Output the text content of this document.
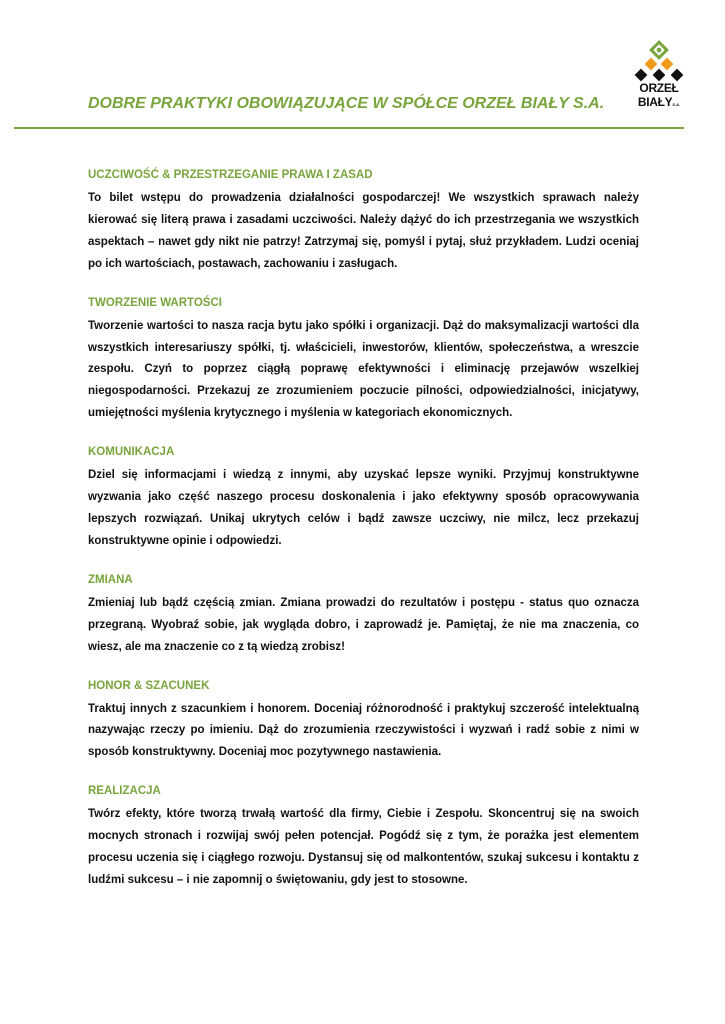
DOBRE PRAKTYKI OBOWIĄZUJĄCE W SPÓŁCE ORZEŁ BIAŁY S.A.
ORZEŁ
BIAŁYS.A.
UCZCIWOŚĆ & PRZESTRZEGANIE PRAWA I ZASAD

To bilet wstępu do prowadzenia działalności gospodarczej! We wszystkich sprawach należy kierować się literą prawa i zasadami uczciwości. Należy dążyć do ich przestrzegania we wszystkich aspektach – nawet gdy nikt nie patrzy! Zatrzymaj się, pomyśl i pytaj, służ przykładem. Ludzi oceniaj po ich wartościach, postawach, zachowaniu i zasługach.

TWORZENIE WARTOŚCI

Tworzenie wartości to nasza racja bytu jako spółki i organizacji. Dąż do maksymalizacji wartości dla wszystkich interesariuszy spółki, tj. właścicieli, inwestorów, klientów, społeczeństwa, a wreszcie zespołu. Czyń to poprzez ciągłą poprawę efektywności i eliminację przejawów wszelkiej niegospodarności. Przekazuj ze zrozumieniem poczucie pilności, odpowiedzialności, inicjatywy, umiejętności myślenia krytycznego i myślenia w kategoriach ekonomicznych.

KOMUNIKACJA

Dziel się informacjami i wiedzą z innymi, aby uzyskać lepsze wyniki. Przyjmuj konstruktywne wyzwania jako część naszego procesu doskonalenia i jako efektywny sposób opracowywania lepszych rozwiązań. Unikaj ukrytych celów i bądź zawsze uczciwy, nie milcz, lecz przekazuj konstruktywne opinie i odpowiedzi.

ZMIANA

Zmieniaj lub bądź częścią zmian. Zmiana prowadzi do rezultatów i postępu - status quo oznacza przegraną. Wyobraź sobie, jak wygląda dobro, i zaprowadź je. Pamiętaj, że nie ma znaczenia, co wiesz, ale ma znaczenie co z tą wiedzą zrobisz!

HONOR & SZACUNEK

Traktuj innych z szacunkiem i honorem. Doceniaj różnorodność i praktykuj szczerość intelektualną nazywając rzeczy po imieniu. Dąż do zrozumienia rzeczywistości i wyzwań i radź sobie z nimi w sposób konstruktywny. Doceniaj moc pozytywnego nastawienia.

REALIZACJA

Twórz efekty, które tworzą trwałą wartość dla firmy, Ciebie i Zespołu. Skoncentruj się na swoich mocnych stronach i rozwijaj swój pełen potencjał. Pogódź się z tym, że porażka jest elementem procesu uczenia się i ciągłego rozwoju. Dystansuj się od malkontentów, szukaj sukcesu i kontaktu z ludźmi sukcesu – i nie zapomnij o świętowaniu, gdy jest to stosowne.
